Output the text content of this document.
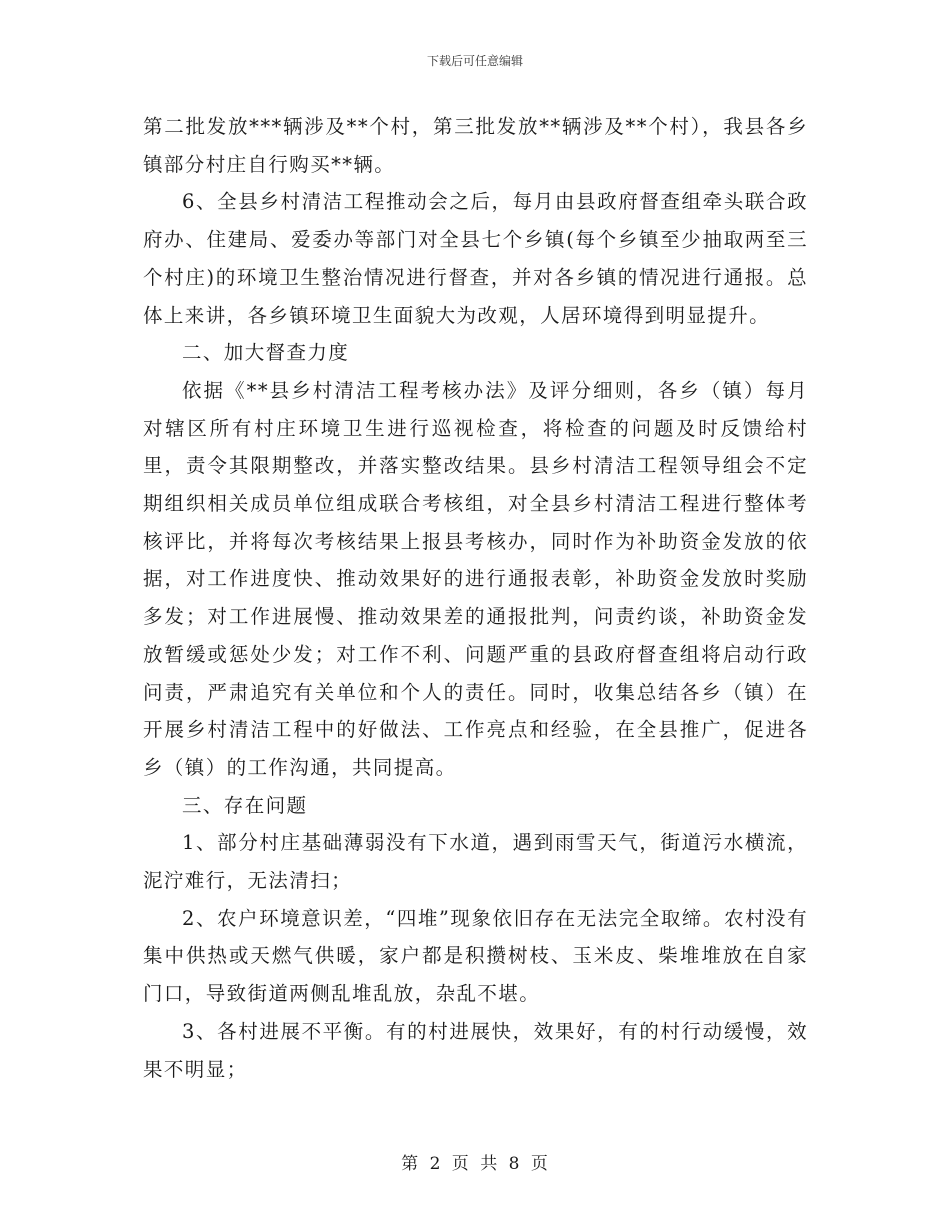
下载后可任意编辑

第二批发放***辆涉及**个村，第三批发放**辆涉及**个村），我县各乡镇部分村庄自行购买**辆。

6、全县乡村清洁工程推动会之后，每月由县政府督查组牵头联合政府办、住建局、爱委办等部门对全县七个乡镇(每个乡镇至少抽取两至三个村庄)的环境卫生整治情况进行督查，并对各乡镇的情况进行通报。总体上来讲，各乡镇环境卫生面貌大为改观，人居环境得到明显提升。

二、加大督查力度

依据《**县乡村清洁工程考核办法》及评分细则，各乡（镇）每月对辖区所有村庄环境卫生进行巡视检查，将检查的问题及时反馈给村里，责令其限期整改，并落实整改结果。县乡村清洁工程领导组会不定期组织相关成员单位组成联合考核组，对全县乡村清洁工程进行整体考核评比，并将每次考核结果上报县考核办，同时作为补助资金发放的依据，对工作进度快、推动效果好的进行通报表彰，补助资金发放时奖励多发；对工作进展慢、推动效果差的通报批判，问责约谈，补助资金发放暂缓或惩处少发；对工作不利、问题严重的县政府督查组将启动行政问责，严肃追究有关单位和个人的责任。同时，收集总结各乡（镇）在开展乡村清洁工程中的好做法、工作亮点和经验，在全县推广，促进各乡（镇）的工作沟通，共同提高。

三、存在问题

1、部分村庄基础薄弱没有下水道，遇到雨雪天气，街道污水横流，泥泞难行，无法清扫；

2、农户环境意识差，“四堆”现象依旧存在无法完全取缔。农村没有集中供热或天燃气供暖，家户都是积攒树枝、玉米皮、柴堆堆放在自家门口，导致街道两侧乱堆乱放，杂乱不堪。

3、各村进展不平衡。有的村进展快，效果好，有的村行动缓慢，效果不明显；

第 2 页 共 8 页
